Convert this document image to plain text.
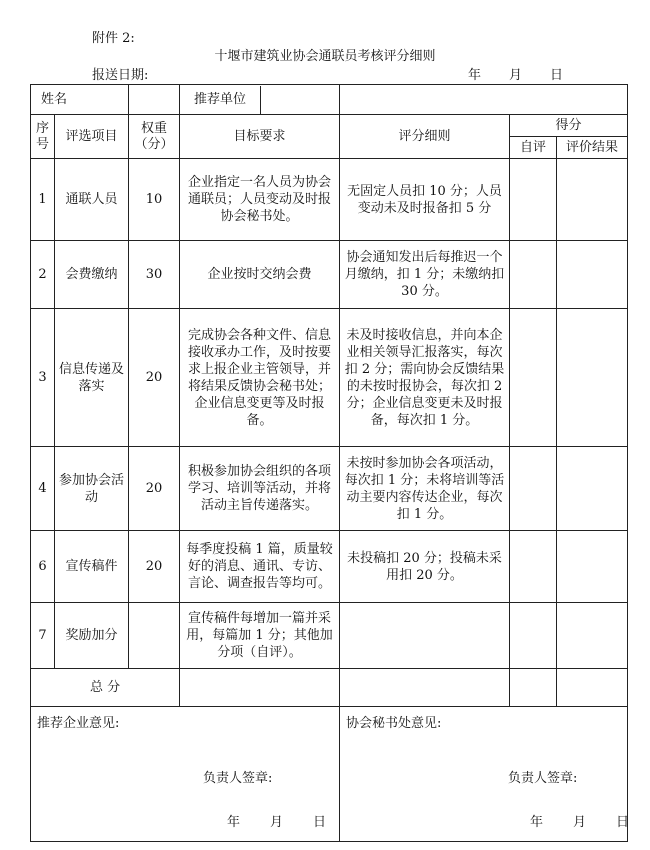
附件 2:
十堰市建筑业协会通联员考核评分细则
报送日期:	年 月 日
姓名			推荐单位			

序号	评选项目	权重（分）	目标要求	评分细则	得分	
					自评	评价结果
1	通联人员	10	企业指定一名人员为协会通联员；人员变动及时报协会秘书处。	无固定人员扣 10 分；人员变动未及时报备扣 5 分		
2	会费缴纳	30	企业按时交纳会费	协会通知发出后每推迟一个月缴纳，扣 1 分；未缴纳扣 30 分。		
3	信息传递及落实	20	完成协会各种文件、信息接收承办工作，及时按要求上报企业主管领导，并将结果反馈协会秘书处；企业信息变更等及时报备。	未及时接收信息，并向本企业相关领导汇报落实，每次扣 2 分；需向协会反馈结果的未按时报协会，每次扣 2 分；企业信息变更未及时报备，每次扣 1 分。		
4	参加协会活动	20	积极参加协会组织的各项学习、培训等活动，并将活动主旨传递落实。	未按时参加协会各项活动，每次扣 1 分；未将培训等活动主要内容传达企业，每次扣 1 分。		
6	宣传稿件	20	每季度投稿 1 篇，质量较好的消息、通讯、专访、言论、调查报告等均可。	未投稿扣 20 分；投稿未采用扣 20 分。		
7	奖励加分		宣传稿件每增加一篇并采用，每篇加 1 分；其他加分项（自评）。			
总 分						

推荐企业意见:
负责人签章:
年 月 日				协会秘书处意见:
负责人签章:
年 月 日		
